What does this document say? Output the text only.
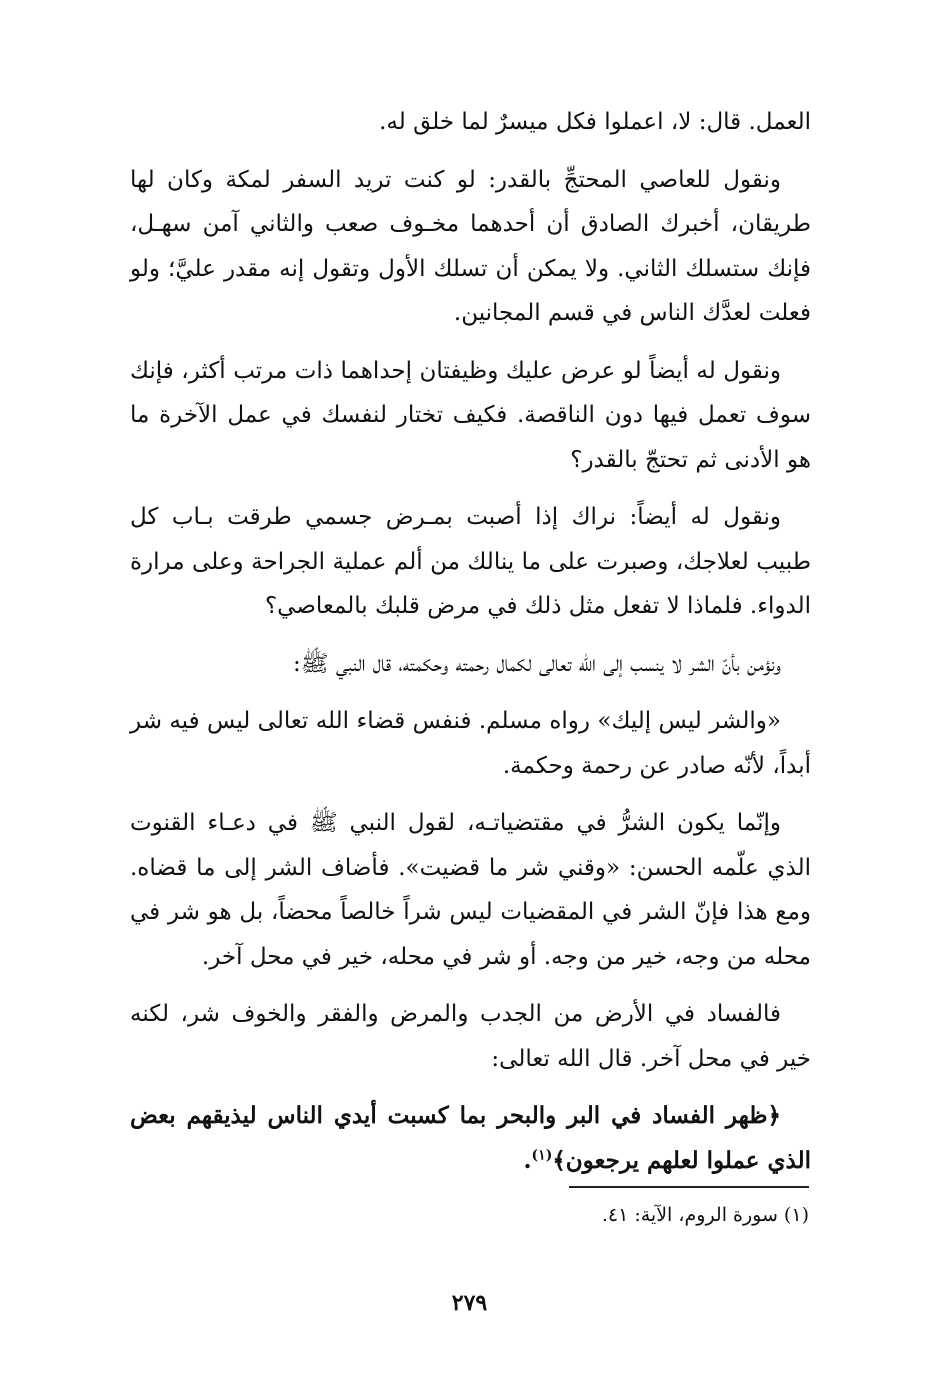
العمل. قال: لا، اعملوا فكل ميسرٌ لما خلق له.

ونقول للعاصي المحتجِّ بالقدر: لو كنت تريد السفر لمكة وكان لها طريقان، أخبرك الصادق أن أحدهما مخـوف صعب والثاني آمن سهـل، فإنك ستسلك الثاني. ولا يمكن أن تسلك الأول وتقول إنه مقدر عليَّ؛ ولو فعلت لعدَّك الناس في قسم المجانين.

ونقول له أيضاً لو عرض عليك وظيفتان إحداهما ذات مرتب أكثر، فإنك سوف تعمل فيها دون الناقصة. فكيف تختار لنفسك في عمل الآخرة ما هو الأدنى ثم تحتجّ بالقدر؟

ونقول له أيضاً: نراك إذا أصبت بمـرض جسمي طرقت بـاب كل طبيب لعلاجك، وصبرت على ما ينالك من ألم عملية الجراحة وعلى مرارة الدواء. فلماذا لا تفعل مثل ذلك في مرض قلبك بالمعاصي؟

ونؤمن بأنّ الشر لا ينسب إلى الله تعالى لكمال رحمته وحكمته، قال النبي ﷺ:

«والشر ليس إليك» رواه مسلم. فنفس قضاء الله تعالى ليس فيه شر أبداً، لأنّه صادر عن رحمة وحكمة.

وإنّما يكون الشرُّ في مقتضياتـه، لقول النبي ﷺ في دعـاء القنوت الذي علّمه الحسن: «وقني شر ما قضيت». فأضاف الشر إلى ما قضاه. ومع هذا فإنّ الشر في المقضيات ليس شراً خالصاً محضاً، بل هو شر في محله من وجه، خير من وجه. أو شر في محله، خير في محل آخر.

فالفساد في الأرض من الجدب والمرض والفقر والخوف شر، لكنه خير في محل آخر. قال الله تعالى:

﴿ظهر الفساد في البر والبحر بما كسبت أيدي الناس ليذيقهم بعض الذي عملوا لعلهم يرجعون﴾$^{(١)}$.

(١) سورة الروم، الآية: ٤١.
٢٧٩
